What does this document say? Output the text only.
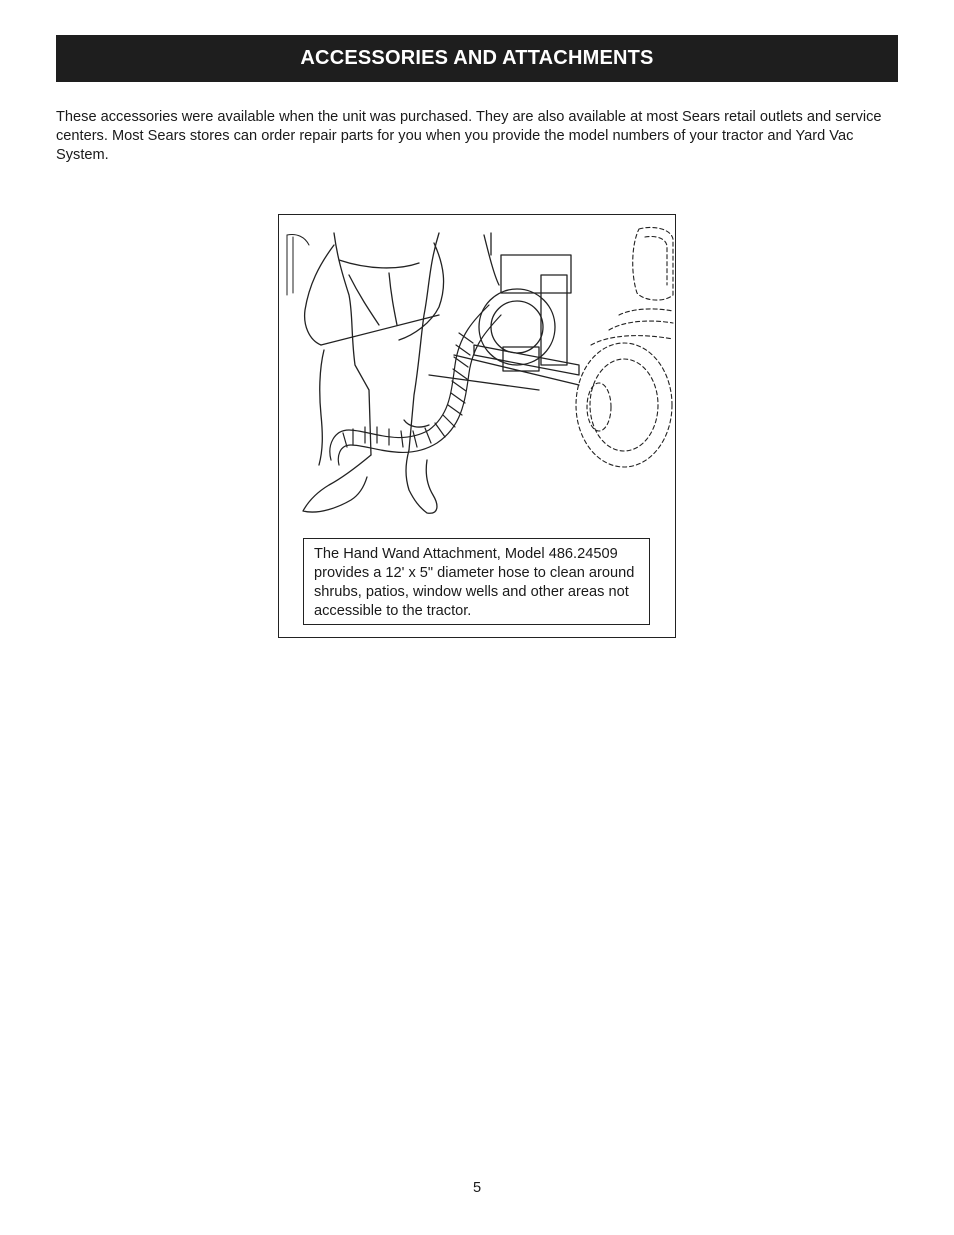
ACCESSORIES AND ATTACHMENTS

These accessories were available when the unit was purchased. They are also available at most Sears retail outlets and service centers. Most Sears stores can order repair parts for you when you provide the model numbers of your tractor and Yard Vac System.

The Hand Wand Attachment, Model 486.24509 provides a 12' x 5" diameter hose to clean around shrubs, patios, window wells and other areas not accessible to the tractor.
5
